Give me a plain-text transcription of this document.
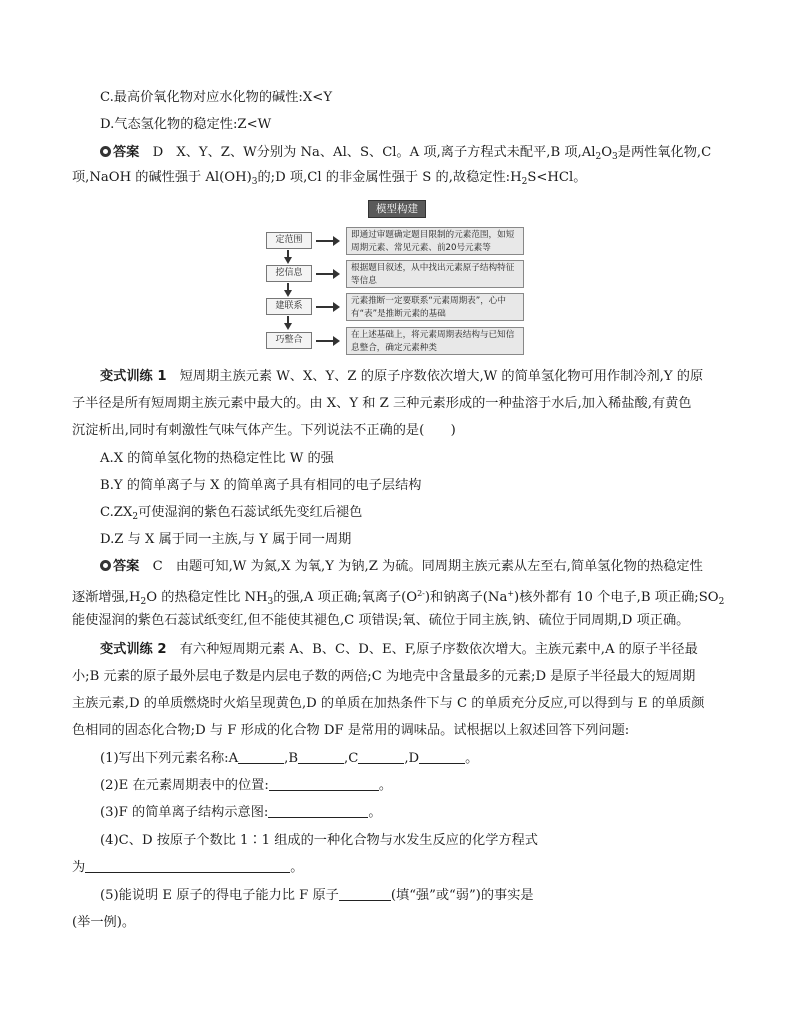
C.最高价氧化物对应水化物的碱性:X<Y
D.气态氢化物的稳定性:Z<W
答案　 D　X、Y、Z、W分别为 Na、Al、S、Cl。A 项,离子方程式未配平,B 项$,Al_2O_3$是两性氧化物,C
项,NaOH 的碱性强于 $Al(OH)_3$的;D 项,Cl 的非金属性强于 S 的,故稳定性$:H_2S<HCl$。
模型构建
定范围	即通过审题确定题目限制的元素范围，如短周期元素、常见元素、前20号元素等
挖信息	根据题目叙述，从中找出元素原子结构特征等信息
建联系	元素推断一定要联系“元素周期表”，心中有“表”是推断元素的基础
巧整合	在上述基础上，将元素周期表结构与已知信息整合，确定元素种类
变式训练 1　 短周期主族元素 W、X、Y、Z 的原子序数依次增大,W 的简单氢化物可用作制冷剂,Y 的原
子半径是所有短周期主族元素中最大的。由 X、Y 和 Z 三种元素形成的一种盐溶于水后,加入稀盐酸,有黄色
沉淀析出,同时有刺激性气味气体产生。下列说法不正确的是(　　)
A.X 的简单氢化物的热稳定性比 W 的强
B.Y 的简单离子与 X 的简单离子具有相同的电子层结构
$C.ZX_2$可使湿润的紫色石蕊试纸先变红后褪色
D.Z 与 X 属于同一主族,与 Y 属于同一周期
答案　 C　由题可知,W 为氮,X 为氧,Y 为钠,Z 为硫。同周期主族元素从左至右,简单氢化物的热稳定性
逐渐增强$,H_2O$ 的热稳定性比 $NH_3$的强,A 项正确;氧离子$(O^{2-})$和钠离子(Na+)核外都有 10 个电子,B 项正确$;SO_2$
能使湿润的紫色石蕊试纸变红,但不能使其褪色,C 项错误;氧、硫位于同主族,钠、硫位于同周期,D 项正确。
变式训练 2　 有六种短周期元素 A、B、C、D、E、F,原子序数依次增大。主族元素中,A 的原子半径最
小;B 元素的原子最外层电子数是内层电子数的两倍;C 为地壳中含量最多的元素;D 是原子半径最大的短周期
主族元素,D 的单质燃烧时火焰呈现黄色,D 的单质在加热条件下与 C 的单质充分反应,可以得到与 E 的单质颜
色相同的固态化合物;D 与 F 形成的化合物 DF 是常用的调味品。试根据以上叙述回答下列问题:
(1)写出下列元素名称:A	,B	,C	,D	。
(2)E 在元素周期表中的位置:	。
(3)F 的简单离子结构示意图:	。
(4)C、D 按原子个数比 1∶1 组成的一种化合物与水发生反应的化学方程式
为	。
(5)能说明 E 原子的得电子能力比 F 原子	(填“强”或“弱”)的事实是
(举一例)。
